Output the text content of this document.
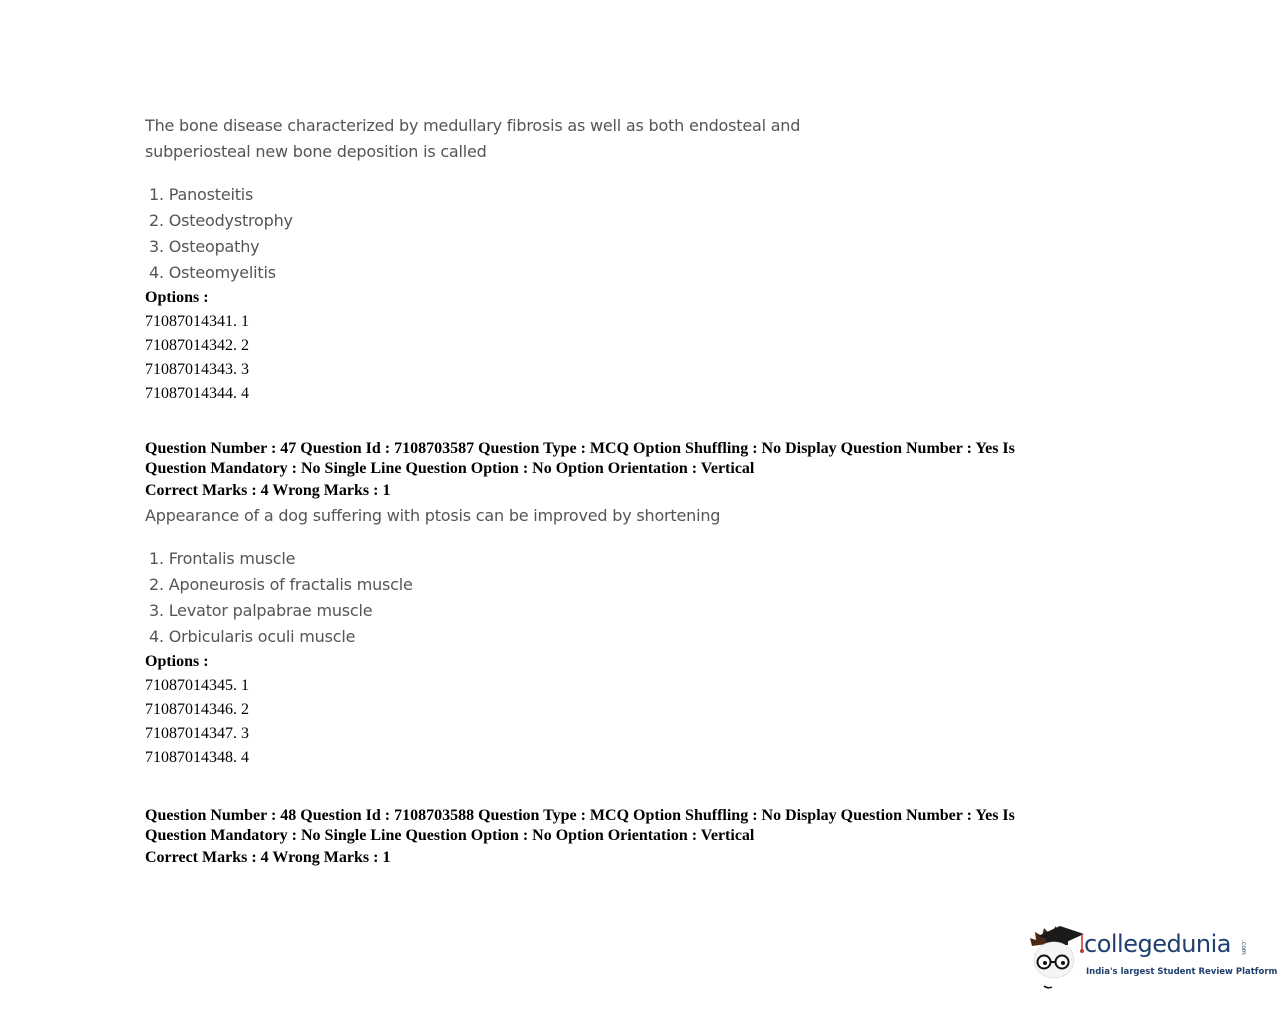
The bone disease characterized by medullary fibrosis as well as both endosteal and
subperiosteal new bone deposition is called
1. Panosteitis
2. Osteodystrophy
3. Osteopathy
4. Osteomyelitis
Options :
71087014341. 1
71087014342. 2
71087014343. 3
71087014344. 4
Question Number : 47 Question Id : 7108703587 Question Type : MCQ Option Shuffling : No Display Question Number : Yes Is
Question Mandatory : No Single Line Question Option : No Option Orientation : Vertical
Correct Marks : 4 Wrong Marks : 1
Appearance of a dog suffering with ptosis can be improved by shortening
1. Frontalis muscle
2. Aponeurosis of fractalis muscle
3. Levator palpabrae muscle
4. Orbicularis oculi muscle
Options :
71087014345. 1
71087014346. 2
71087014347. 3
71087014348. 4
Question Number : 48 Question Id : 7108703588 Question Type : MCQ Option Shuffling : No Display Question Number : Yes Is
Question Mandatory : No Single Line Question Option : No Option Orientation : Vertical
Correct Marks : 4 Wrong Marks : 1
collegedunia .com
India's largest Student Review Platform
